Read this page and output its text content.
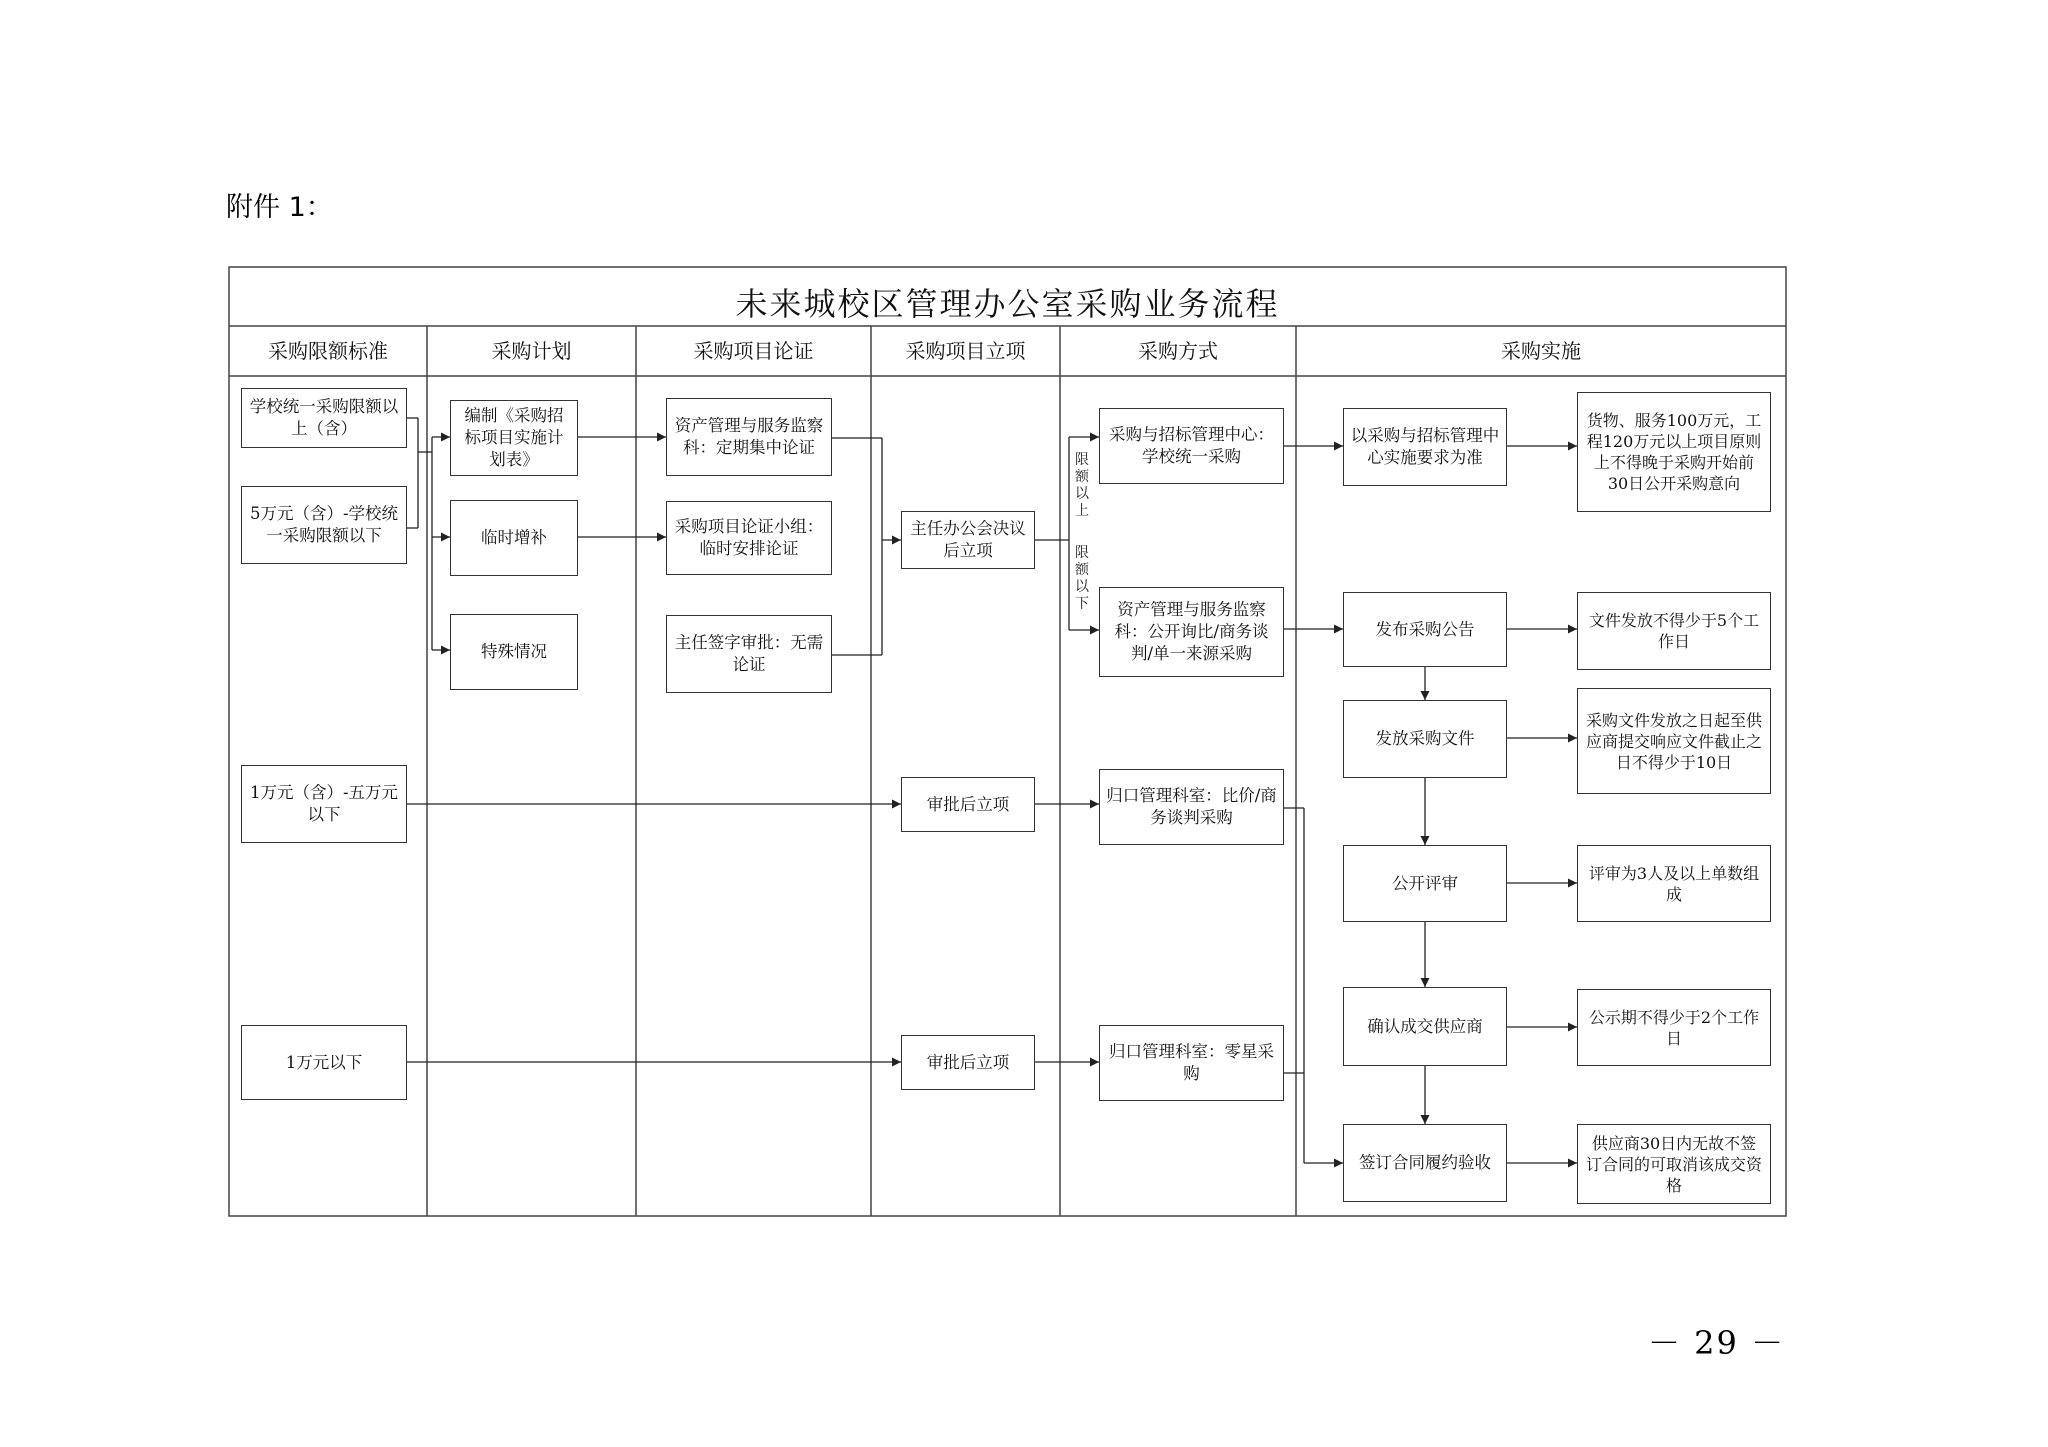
附件 1：
未来城校区管理办公室采购业务流程
采购限额标准	采购计划	采购项目论证	采购项目立项	采购方式	采购实施
学校统一采购限额以上（含）
5万元（含）-学校统一采购限额以下
1万元（含）-五万元以下
1万元以下
编制《采购招标项目实施计划表》
临时增补
特殊情况
资产管理与服务监察科：定期集中论证
采购项目论证小组：临时安排论证
主任签字审批：无需论证
主任办公会决议后立项
审批后立项
审批后立项
限额以上
限额以下
采购与招标管理中心：学校统一采购
资产管理与服务监察科：公开询比/商务谈判/单一来源采购
归口管理科室：比价/商务谈判采购
归口管理科室：零星采购
以采购与招标管理中心实施要求为准
发布采购公告
发放采购文件
公开评审
确认成交供应商
签订合同履约验收
货物、服务100万元，工程120万元以上项目原则上不得晚于采购开始前30日公开采购意向
文件发放不得少于5个工作日
采购文件发放之日起至供应商提交响应文件截止之日不得少于10日
评审为3人及以上单数组成
公示期不得少于2个工作日
供应商30日内无故不签订合同的可取消该成交资格
－ 29 －
